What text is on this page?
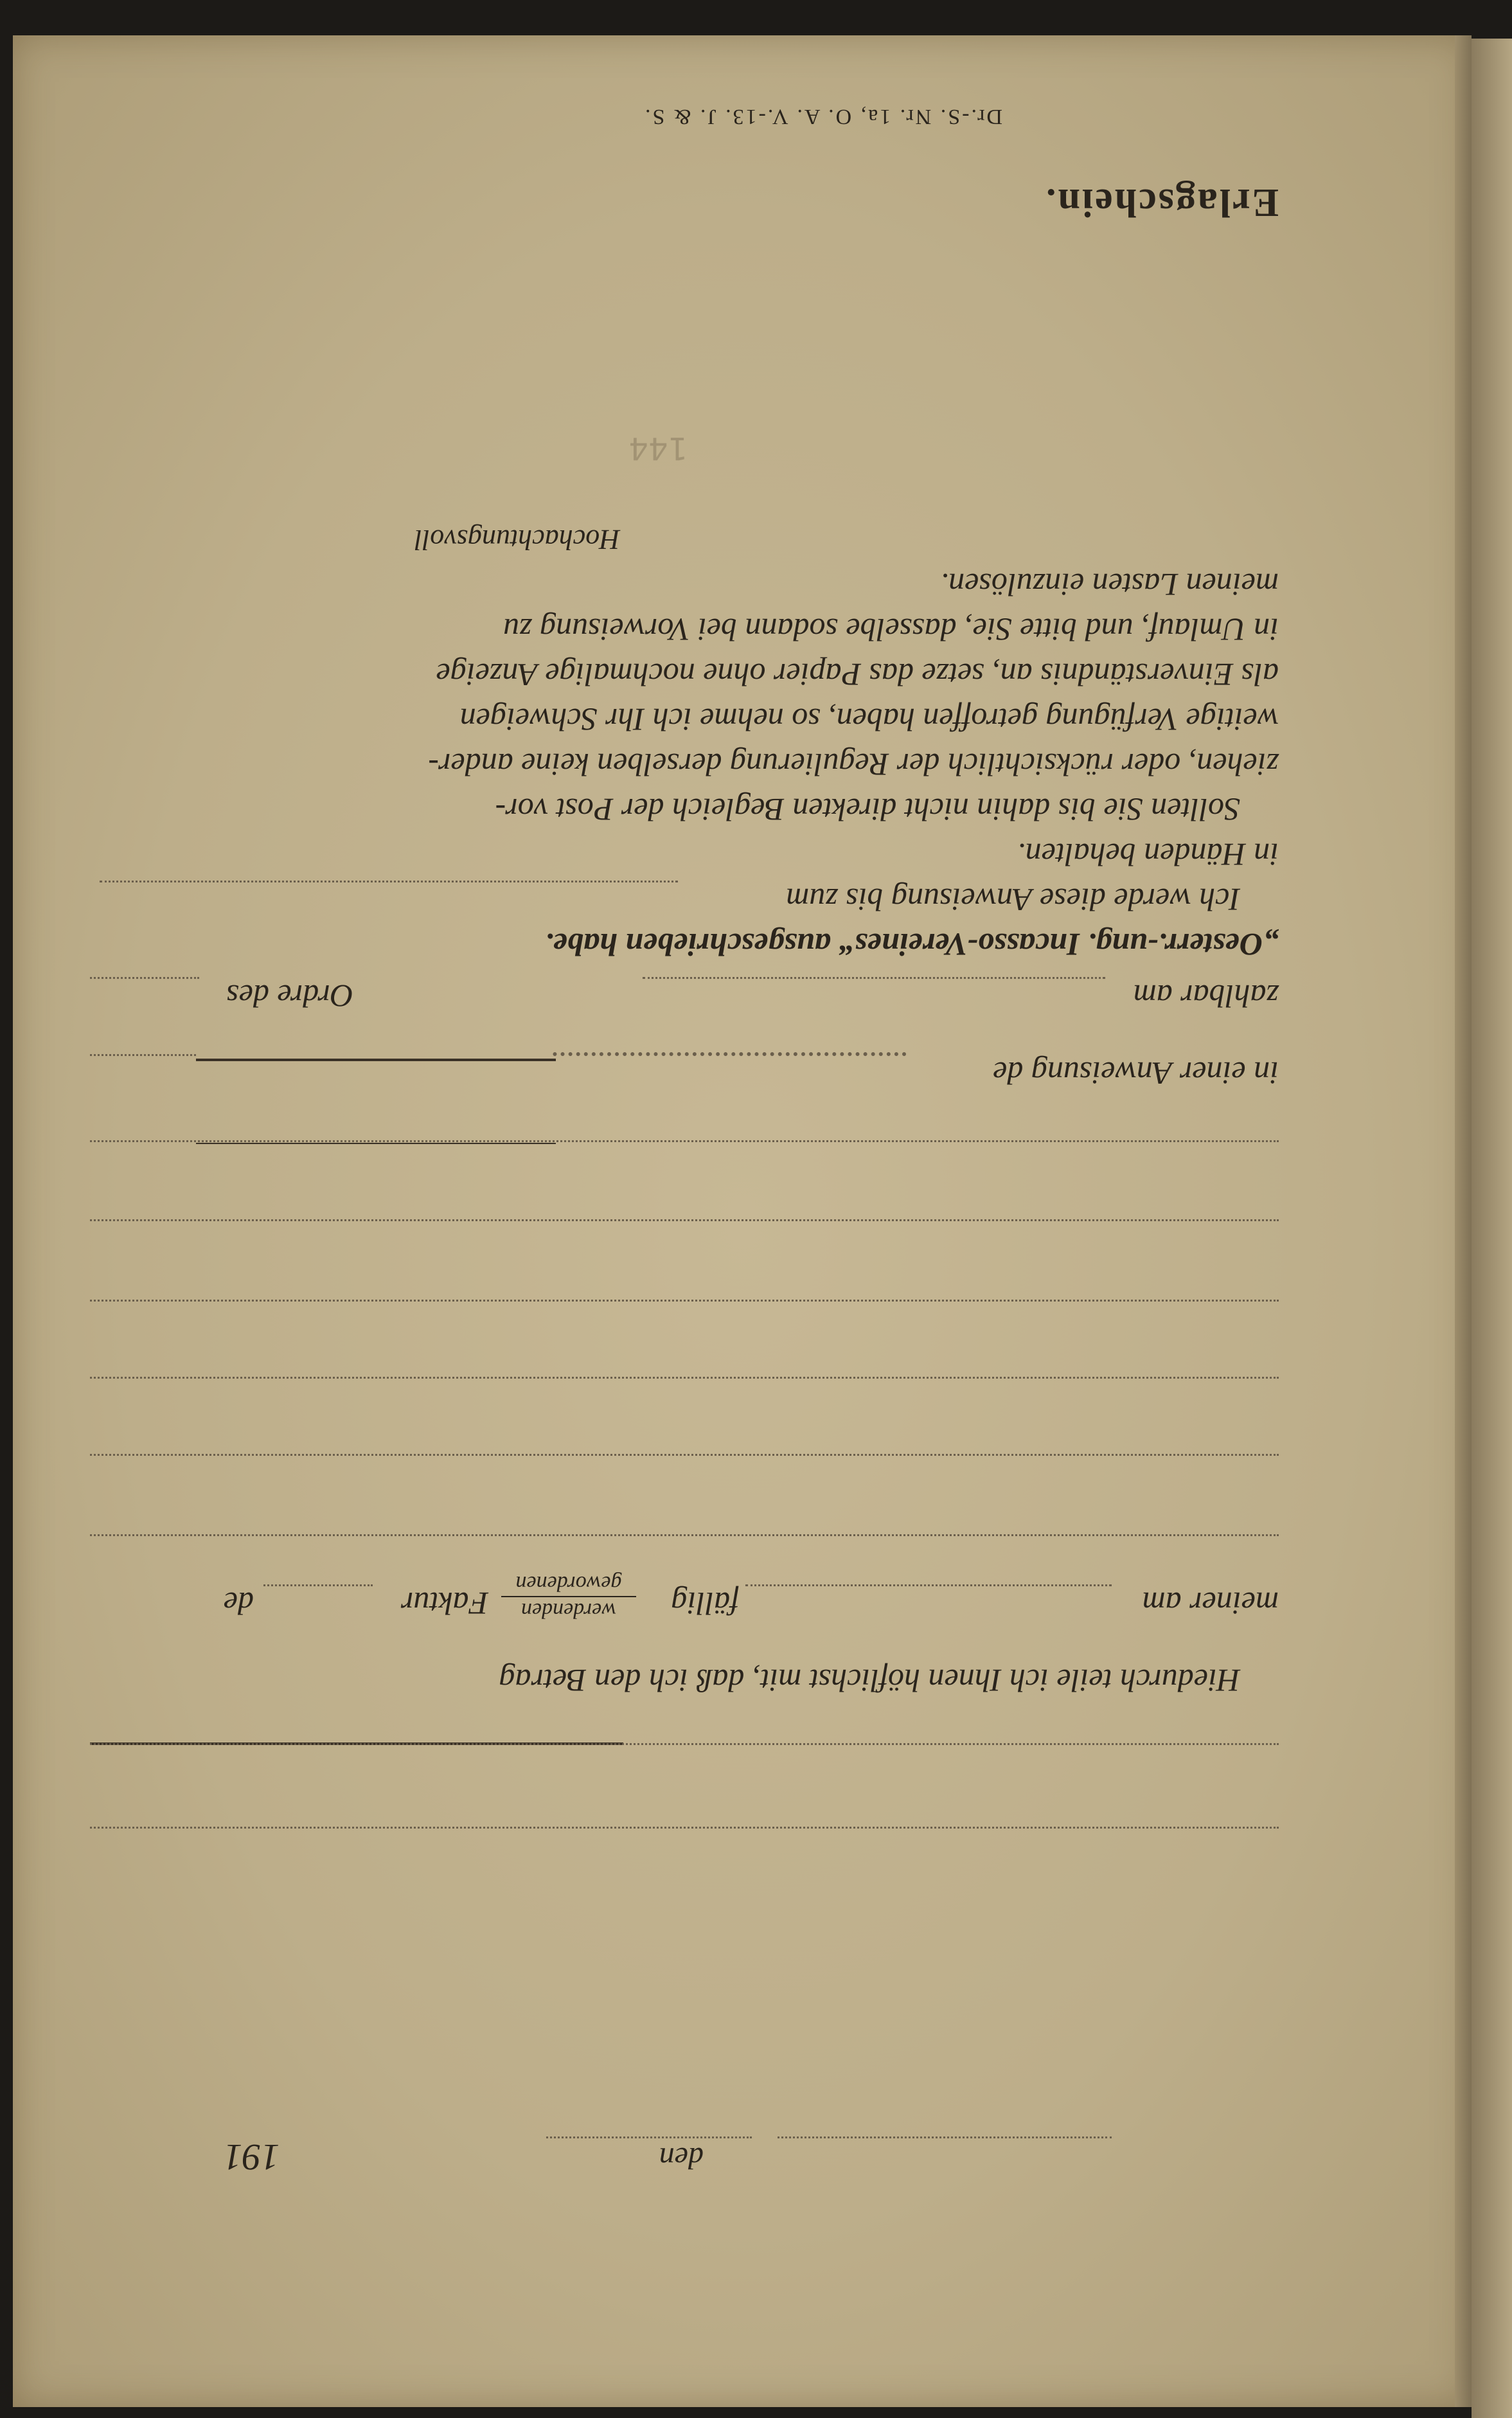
Dr.-S. Nr. 1a, O. A. V.-13. J. & S.
Erlagschein.
144
Hochachtungsvoll
meinen Lasten einzulösen.
in Umlauf, und bitte Sie, dasselbe sodann bei Vorweisung zu
als Einverständnis an, setze das Papier ohne nochmalige Anzeige
weitige Verfügung getroffen haben, so nehme ich Ihr Schweigen
ziehen, oder rücksichtlich der Regulierung derselben keine ander-
Sollten Sie bis dahin nicht direkten Begleich der Post vor-
in Händen behalten.
Ich werde diese Anweisung bis zum
„Oesterr.-ung. Incasso-Vereines“ ausgeschrieben habe.
zahlbar am
Ordre des
in einer Anweisung de
meiner am
fällig
werdenden
gewordenen
Faktur
de
Hiedurch teile ich Ihnen höflichst mit, daß ich den Betrag
den
191
